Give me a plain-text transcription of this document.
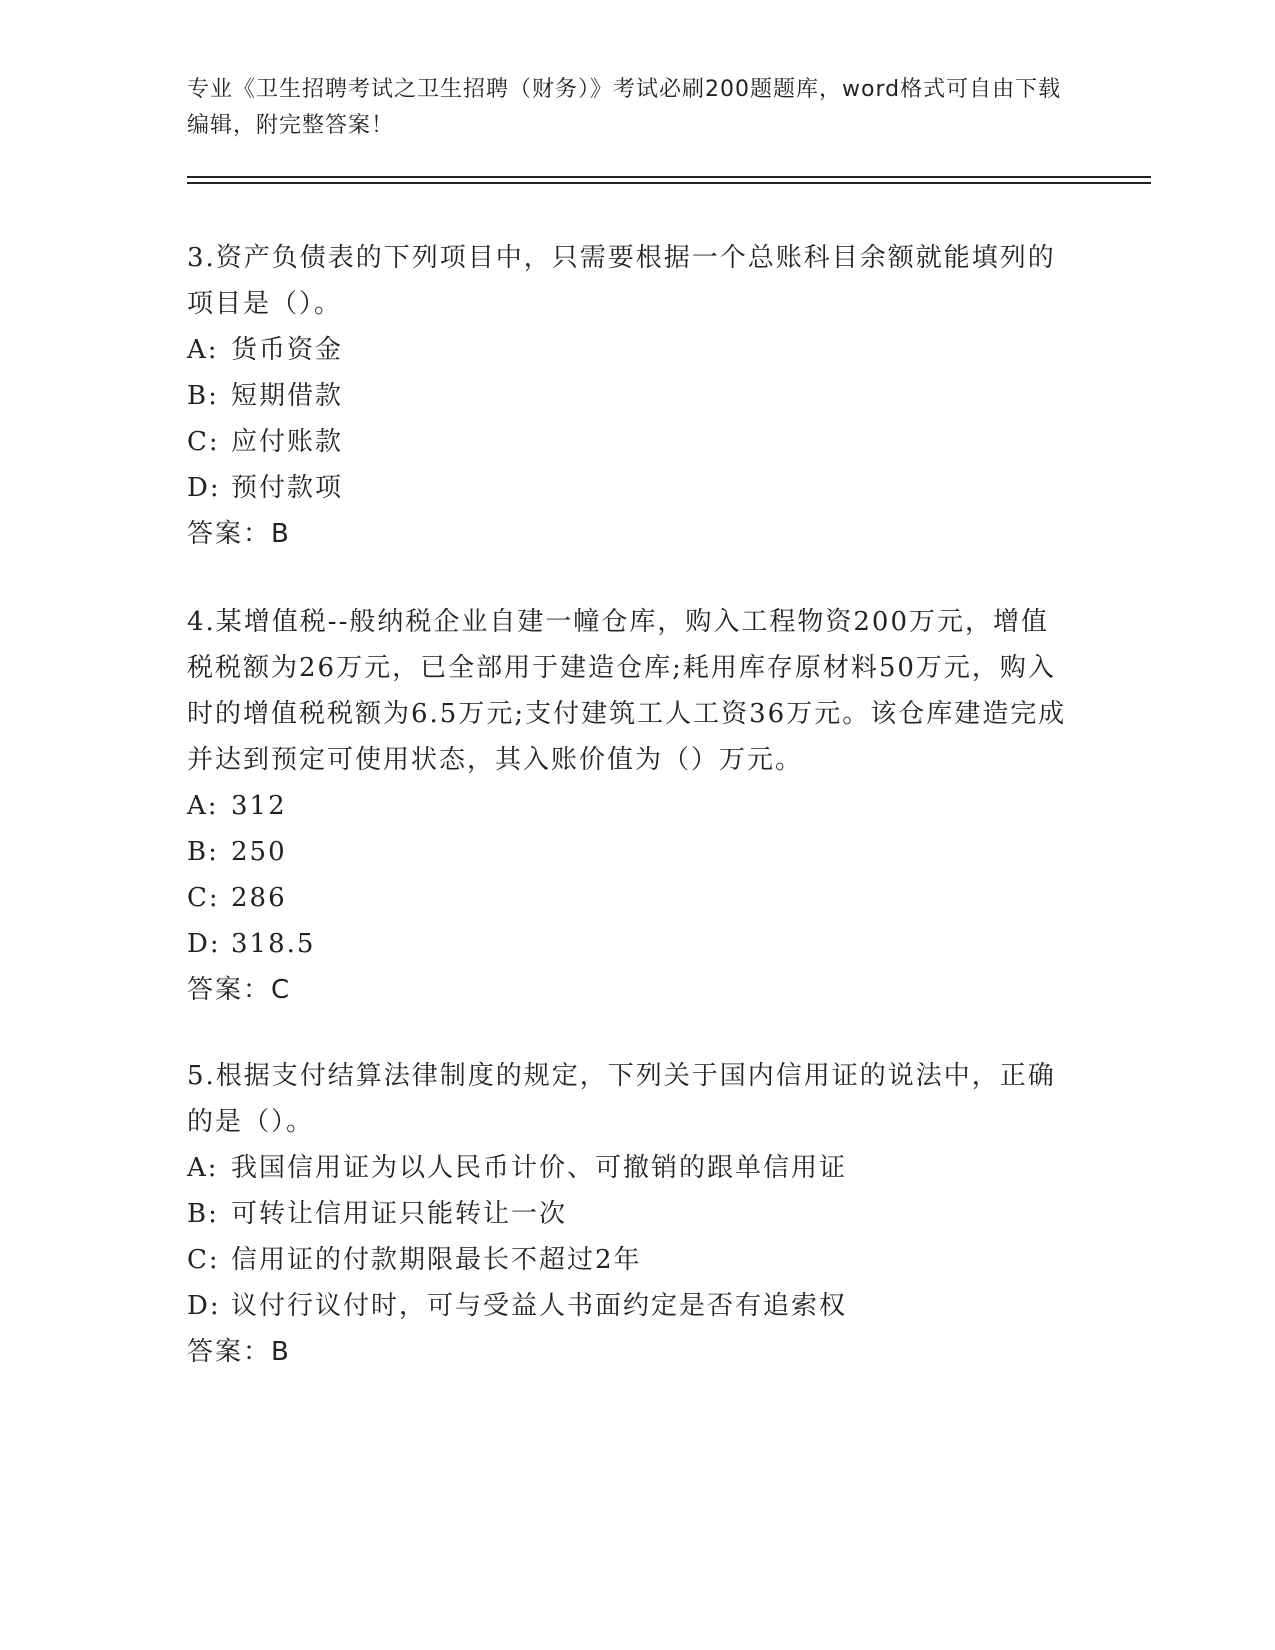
专业《卫生招聘考试之卫生招聘（财务）》考试必刷200题题库，word格式可自由下载编辑，附完整答案！

3.资产负债表的下列项目中，只需要根据一个总账科目余额就能填列的项目是（）。

A: 货币资金

B: 短期借款

C: 应付账款

D: 预付款项

答案：B

4.某增值税--般纳税企业自建一幢仓库，购入工程物资200万元，增值税税额为26万元，已全部用于建造仓库;耗用库存原材料50万元，购入时的增值税税额为6.5万元;支付建筑工人工资36万元。该仓库建造完成并达到预定可使用状态，其入账价值为（）万元。

A: 312

B: 250

C: 286

D: 318.5

答案：C

5.根据支付结算法律制度的规定，下列关于国内信用证的说法中，正确的是（）。

A: 我国信用证为以人民币计价、可撤销的跟单信用证

B: 可转让信用证只能转让一次

C: 信用证的付款期限最长不超过2年

D: 议付行议付时，可与受益人书面约定是否有追索权

答案：B
